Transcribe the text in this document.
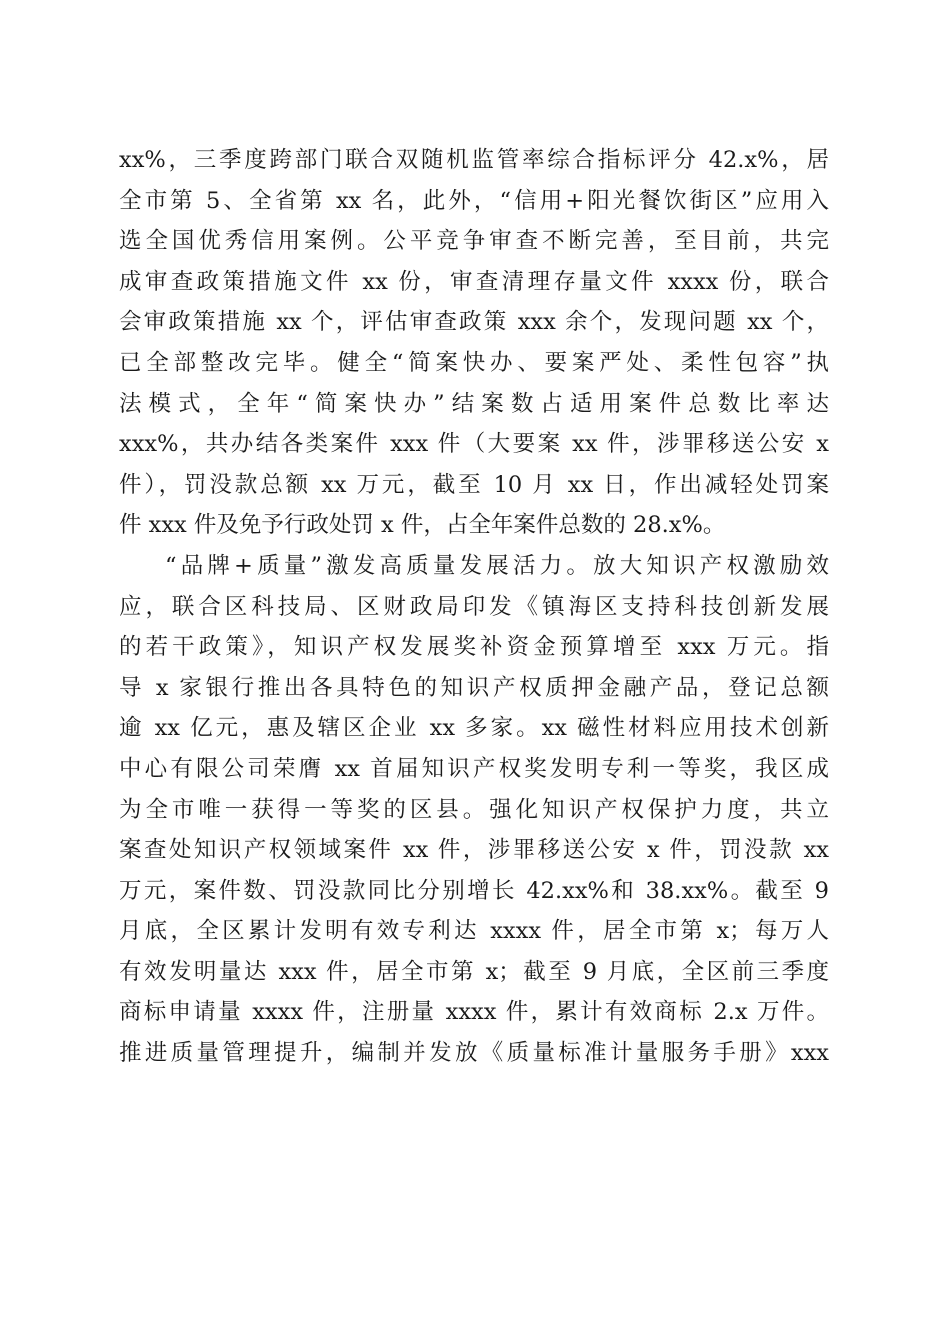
xx%，三季度跨部门联合双随机监管率综合指标评分 42.x%，居
全市第 5、全省第 xx 名，此外，“信用+阳光餐饮街区”应用入
选全国优秀信用案例。公平竞争审查不断完善，至目前，共完
成审查政策措施文件 xx 份，审查清理存量文件 xxxx 份，联合
会审政策措施 xx 个，评估审查政策 xxx 余个，发现问题 xx 个，
已全部整改完毕。健全“简案快办、要案严处、柔性包容”执
法模式，全年“简案快办”结案数占适用案件总数比率达
xxx%，共办结各类案件 xxx 件（大要案 xx 件，涉罪移送公安 x
件），罚没款总额 xx 万元，截至 10 月 xx 日，作出减轻处罚案
件 xxx 件及免予行政处罚 x 件，占全年案件总数的 28.x%。
“品牌+质量”激发高质量发展活力。放大知识产权激励效
应，联合区科技局、区财政局印发《镇海区支持科技创新发展
的若干政策》，知识产权发展奖补资金预算增至 xxx 万元。指
导 x 家银行推出各具特色的知识产权质押金融产品，登记总额
逾 xx 亿元，惠及辖区企业 xx 多家。xx 磁性材料应用技术创新
中心有限公司荣膺 xx 首届知识产权奖发明专利一等奖，我区成
为全市唯一获得一等奖的区县。强化知识产权保护力度，共立
案查处知识产权领域案件 xx 件，涉罪移送公安 x 件，罚没款 xx
万元，案件数、罚没款同比分别增长 42.xx%和 38.xx%。截至 9
月底，全区累计发明有效专利达 xxxx 件，居全市第 x；每万人
有效发明量达 xxx 件，居全市第 x；截至 9 月底，全区前三季度
商标申请量 xxxx 件，注册量 xxxx 件，累计有效商标 2.x 万件。
推进质量管理提升，编制并发放《质量标准计量服务手册》xxx
